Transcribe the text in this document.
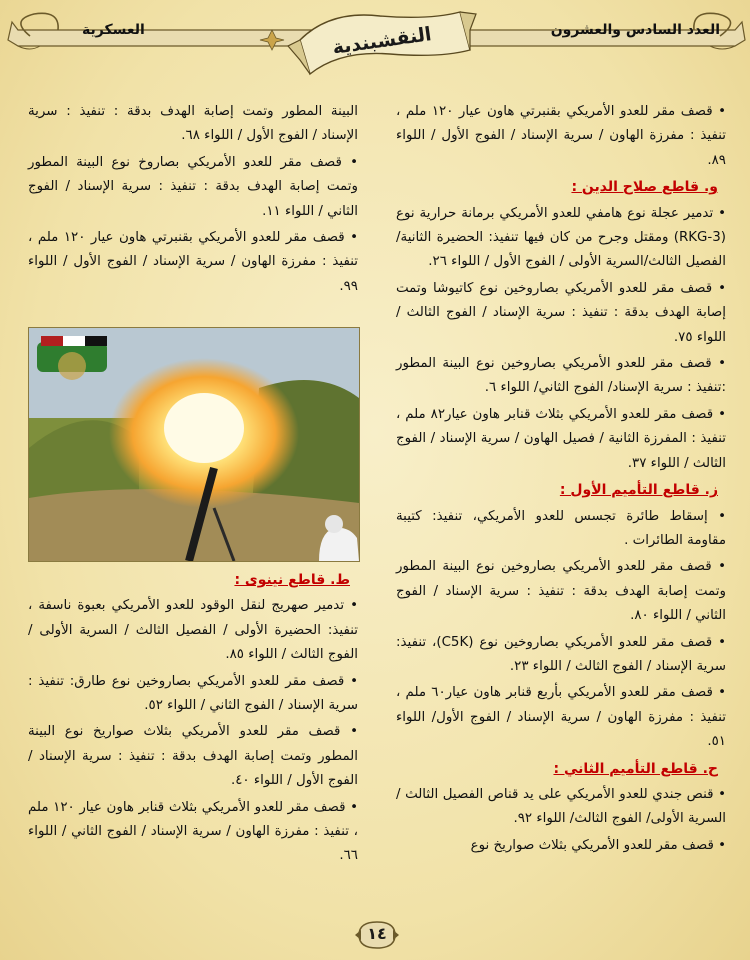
العدد السادس والعشرون
العسكرية	النقشبندية

• قصف مقر للعدو الأمريكي بقنبرتي هاون عيار ١٢٠ ملم ، تنفيذ : مفرزة الهاون / سرية الإسناد / الفوج الأول / اللواء ٨٩.

و. قاطع صلاح الدين :

• تدمير عجلة نوع هامفي للعدو الأمريكي برمانة حرارية نوع (RKG-3) ومقتل وجرح من كان فيها تنفيذ: الحضيرة الثانية/الفصيل الثالث/السرية الأولى / الفوج الأول / اللواء ٢٦.

• قصف مقر للعدو الأمريكي بصاروخين نوع كاتيوشا وتمت إصابة الهدف بدقة : تنفيذ : سرية الإسناد / الفوج الثالث / اللواء ٧٥.

• قصف مقر للعدو الأمريكي بصاروخين نوع البينة المطور :تنفيذ : سرية الإسناد/ الفوج الثاني/ اللواء ٦.

• قصف مقر للعدو الأمريكي بثلاث قنابر هاون عيار٨٢ ملم ، تنفيذ : المفرزة الثانية / فصيل الهاون / سرية الإسناد / الفوج الثالث / اللواء ٣٧.

ز. قاطع التأميم الأول :

• إسقاط طائرة تجسس للعدو الأمريكي، تنفيذ: كتيبة مقاومة الطائرات .

• قصف مقر للعدو الأمريكي بصاروخين نوع البينة المطور وتمت إصابة الهدف بدقة : تنفيذ : سرية الإسناد / الفوج الثاني / اللواء ٨٠.

• قصف مقر للعدو الأمريكي بصاروخين نوع (C5K)، تنفيذ: سرية الإسناد / الفوج الثالث / اللواء ٢٣.

• قصف مقر للعدو الأمريكي بأربع قنابر هاون عيار٦٠ ملم ، تنفيذ : مفرزة الهاون / سرية الإسناد / الفوج الأول/ اللواء ٥١.

ح. قاطع التأميم الثاني :

• قنص جندي للعدو الأمريكي على يد قناص الفصيل الثالث / السرية الأولى/ الفوج الثالث/ اللواء ٩٢.

• قصف مقر للعدو الأمريكي بثلاث صواريخ نوع

البينة المطور وتمت إصابة الهدف بدقة : تنفيذ : سرية الإسناد / الفوج الأول / اللواء ٦٨.

• قصف مقر للعدو الأمريكي بصاروخ نوع البينة المطور وتمت إصابة الهدف بدقة : تنفيذ : سرية الإسناد / الفوج الثاني / اللواء ١١.

• قصف مقر للعدو الأمريكي بقنبرتي هاون عيار ١٢٠ ملم ، تنفيذ : مفرزة الهاون / سرية الإسناد / الفوج الأول / اللواء ٩٩.

ط. قاطع نينوى :

• تدمير صهريج لنقل الوقود للعدو الأمريكي بعبوة ناسفة ، تنفيذ: الحضيرة الأولى / الفصيل الثالث / السرية الأولى / الفوج الثالث / اللواء ٨٥.

• قصف مقر للعدو الأمريكي بصاروخين نوع طارق: تنفيذ : سرية الإسناد / الفوج الثاني / اللواء ٥٢.

• قصف مقر للعدو الأمريكي بثلاث صواريخ نوع البينة المطور وتمت إصابة الهدف بدقة : تنفيذ : سرية الإسناد / الفوج الأول / اللواء ٤٠.

• قصف مقر للعدو الأمريكي بثلاث قنابر هاون عيار ١٢٠ ملم ، تنفيذ : مفرزة الهاون / سرية الإسناد / الفوج الثاني / اللواء ٦٦.

١٤
